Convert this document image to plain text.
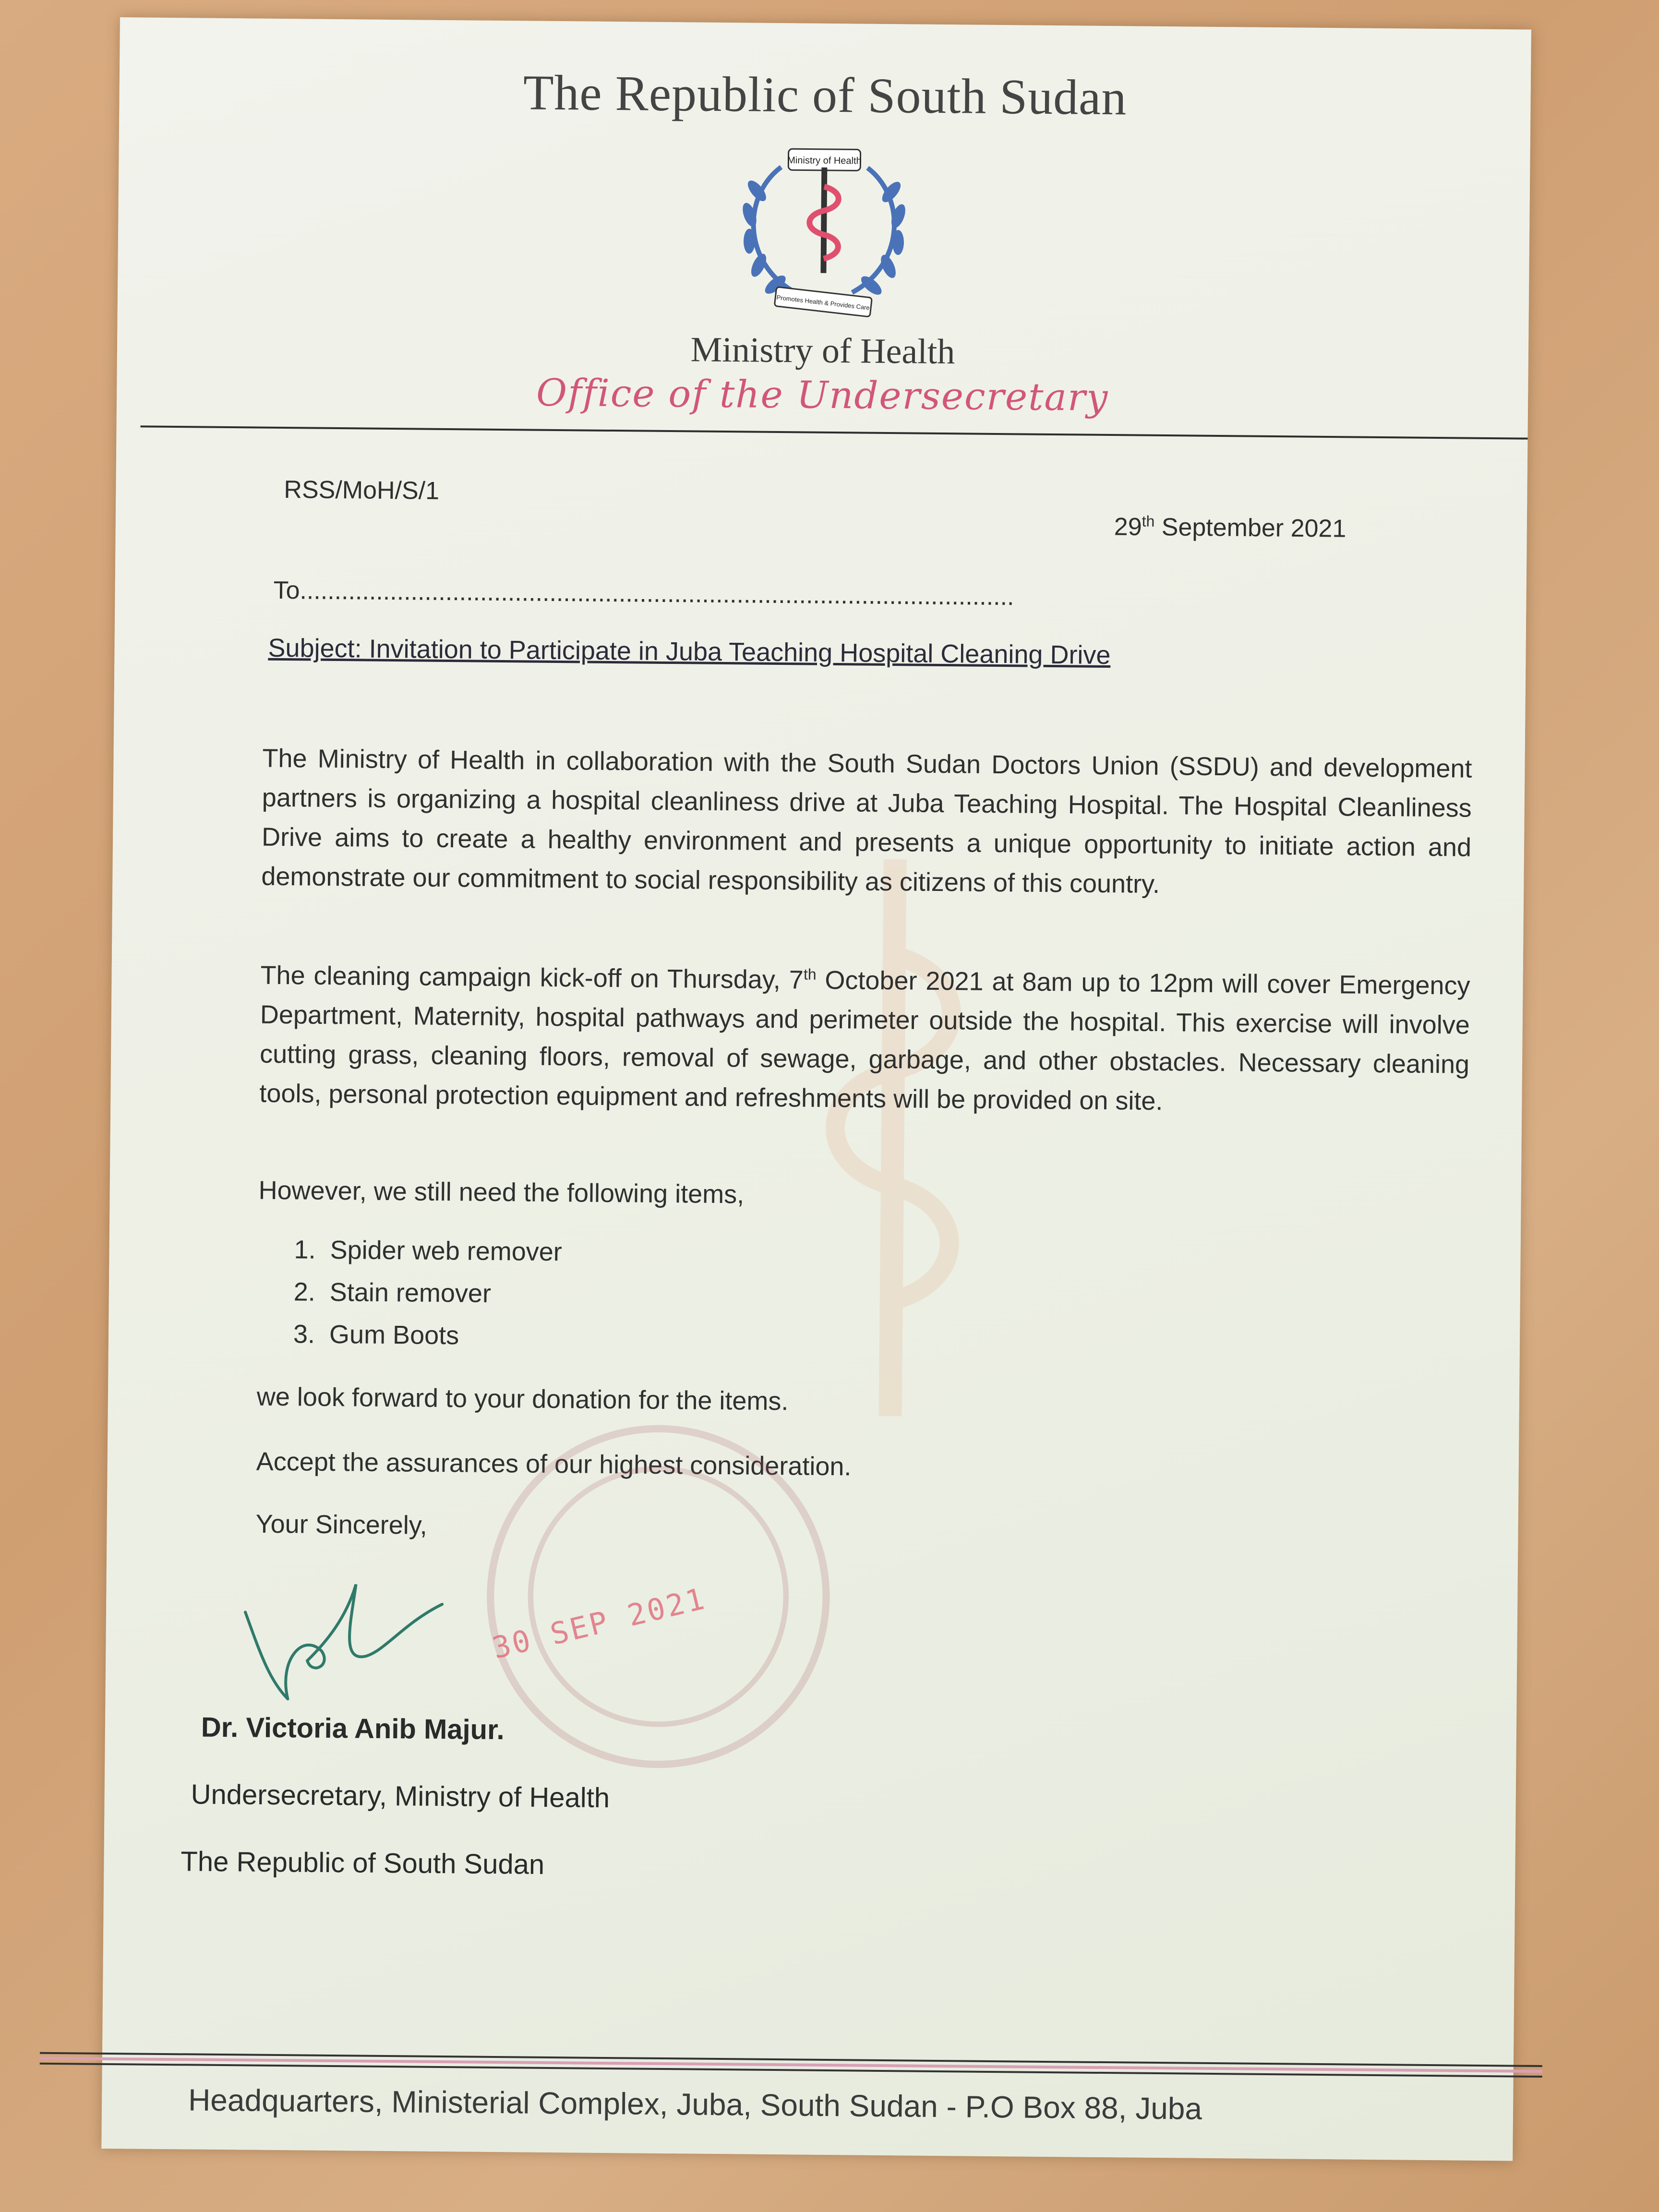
The Republic of South Sudan
Ministry of Health
Promotes Health & Provides Care
Ministry of Health
Office of the Undersecretary
RSS/MoH/S/1
29th September 2021
To.......................................................................................................
Subject: Invitation to Participate in Juba Teaching Hospital Cleaning Drive
The Ministry of Health in collaboration with the South Sudan Doctors Union (SSDU) and development partners is organizing a hospital cleanliness drive at Juba Teaching Hospital. The Hospital Cleanliness Drive aims to create a healthy environment and presents a unique opportunity to initiate action and demonstrate our commitment to social responsibility as citizens of this country.
The cleaning campaign kick-off on Thursday, 7th October 2021 at 8am up to 12pm will cover Emergency Department, Maternity, hospital pathways and perimeter outside the hospital. This exercise will involve cutting grass, cleaning floors, removal of sewage, garbage, and other obstacles. Necessary cleaning tools, personal protection equipment and refreshments will be provided on site.
However, we still need the following items,
1. Spider web remover
2. Stain remover
3. Gum Boots
we look forward to your donation for the items.
Accept the assurances of our highest consideration.
Your Sincerely,
30 SEP 2021
Dr. Victoria Anib Majur.
Undersecretary, Ministry of Health
The Republic of South Sudan
Headquarters, Ministerial Complex, Juba, South Sudan - P.O Box 88, Juba
